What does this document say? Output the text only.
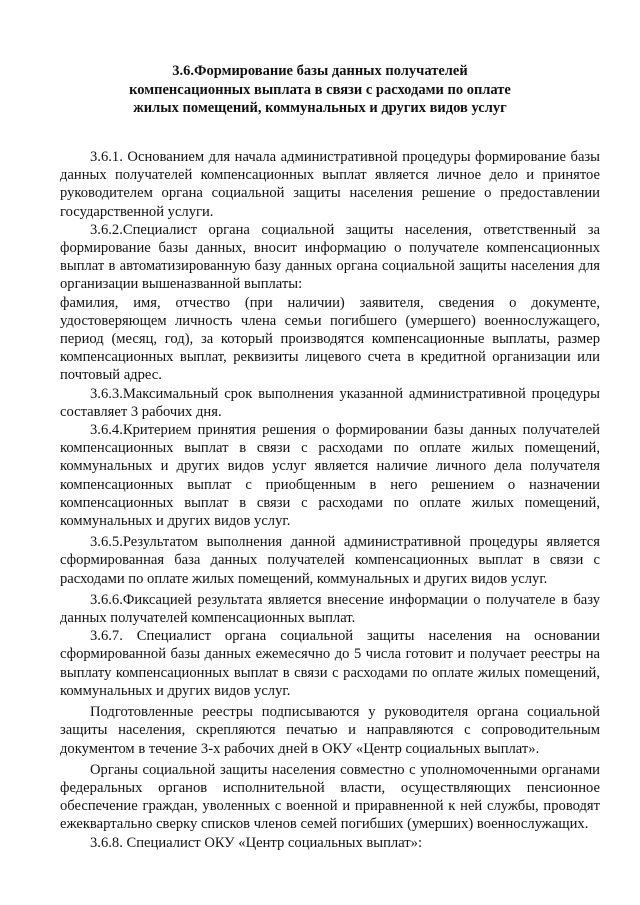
3.6.Формирование базы данных получателей
компенсационных выплата в связи с расходами по оплате
жилых помещений, коммунальных и других видов услуг

3.6.1. Основанием для начала административной процедуры формирование базы данных получателей компенсационных выплат является личное дело и принятое руководителем органа социальной защиты населения решение о предоставлении государственной услуги.

3.6.2.Специалист органа социальной защиты населения, ответственный за формирование базы данных, вносит информацию о получателе компенсационных выплат в автоматизированную базу данных органа социальной защиты населения для организации вышеназванной выплаты:

фамилия, имя, отчество (при наличии) заявителя, сведения о документе, удостоверяющем личность члена семьи погибшего (умершего) военнослужащего, период (месяц, год), за который производятся компенсационные выплаты, размер компенсационных выплат, реквизиты лицевого счета в кредитной организации или почтовый адрес.

3.6.3.Максимальный срок выполнения указанной административной процедуры составляет 3 рабочих дня.

3.6.4.Критерием принятия решения о формировании базы данных получателей компенсационных выплат в связи с расходами по оплате жилых помещений, коммунальных и других видов услуг является наличие личного дела получателя компенсационных выплат с приобщенным в него решением о назначении компенсационных выплат в связи с расходами по оплате жилых помещений, коммунальных и других видов услуг.

3.6.5.Результатом выполнения данной административной процедуры является сформированная база данных получателей компенсационных выплат в связи с расходами по оплате жилых помещений, коммунальных и других видов услуг.

3.6.6.Фиксацией результата является внесение информации о получателе в базу данных получателей компенсационных выплат.

3.6.7. Специалист органа социальной защиты населения на основании сформированной базы данных ежемесячно до 5 числа готовит и получает реестры на выплату компенсационных выплат в связи с расходами по оплате жилых помещений, коммунальных и других видов услуг.

Подготовленные реестры подписываются у руководителя органа социальной защиты населения, скрепляются печатью и направляются с сопроводительным документом в течение 3-х рабочих дней в ОКУ «Центр социальных выплат».

Органы социальной защиты населения совместно с уполномоченными органами федеральных органов исполнительной власти, осуществляющих пенсионное обеспечение граждан, уволенных с военной и приравненной к ней службы, проводят ежеквартально сверку списков членов семей погибших (умерших) военнослужащих.

3.6.8. Специалист ОКУ «Центр социальных выплат»:
